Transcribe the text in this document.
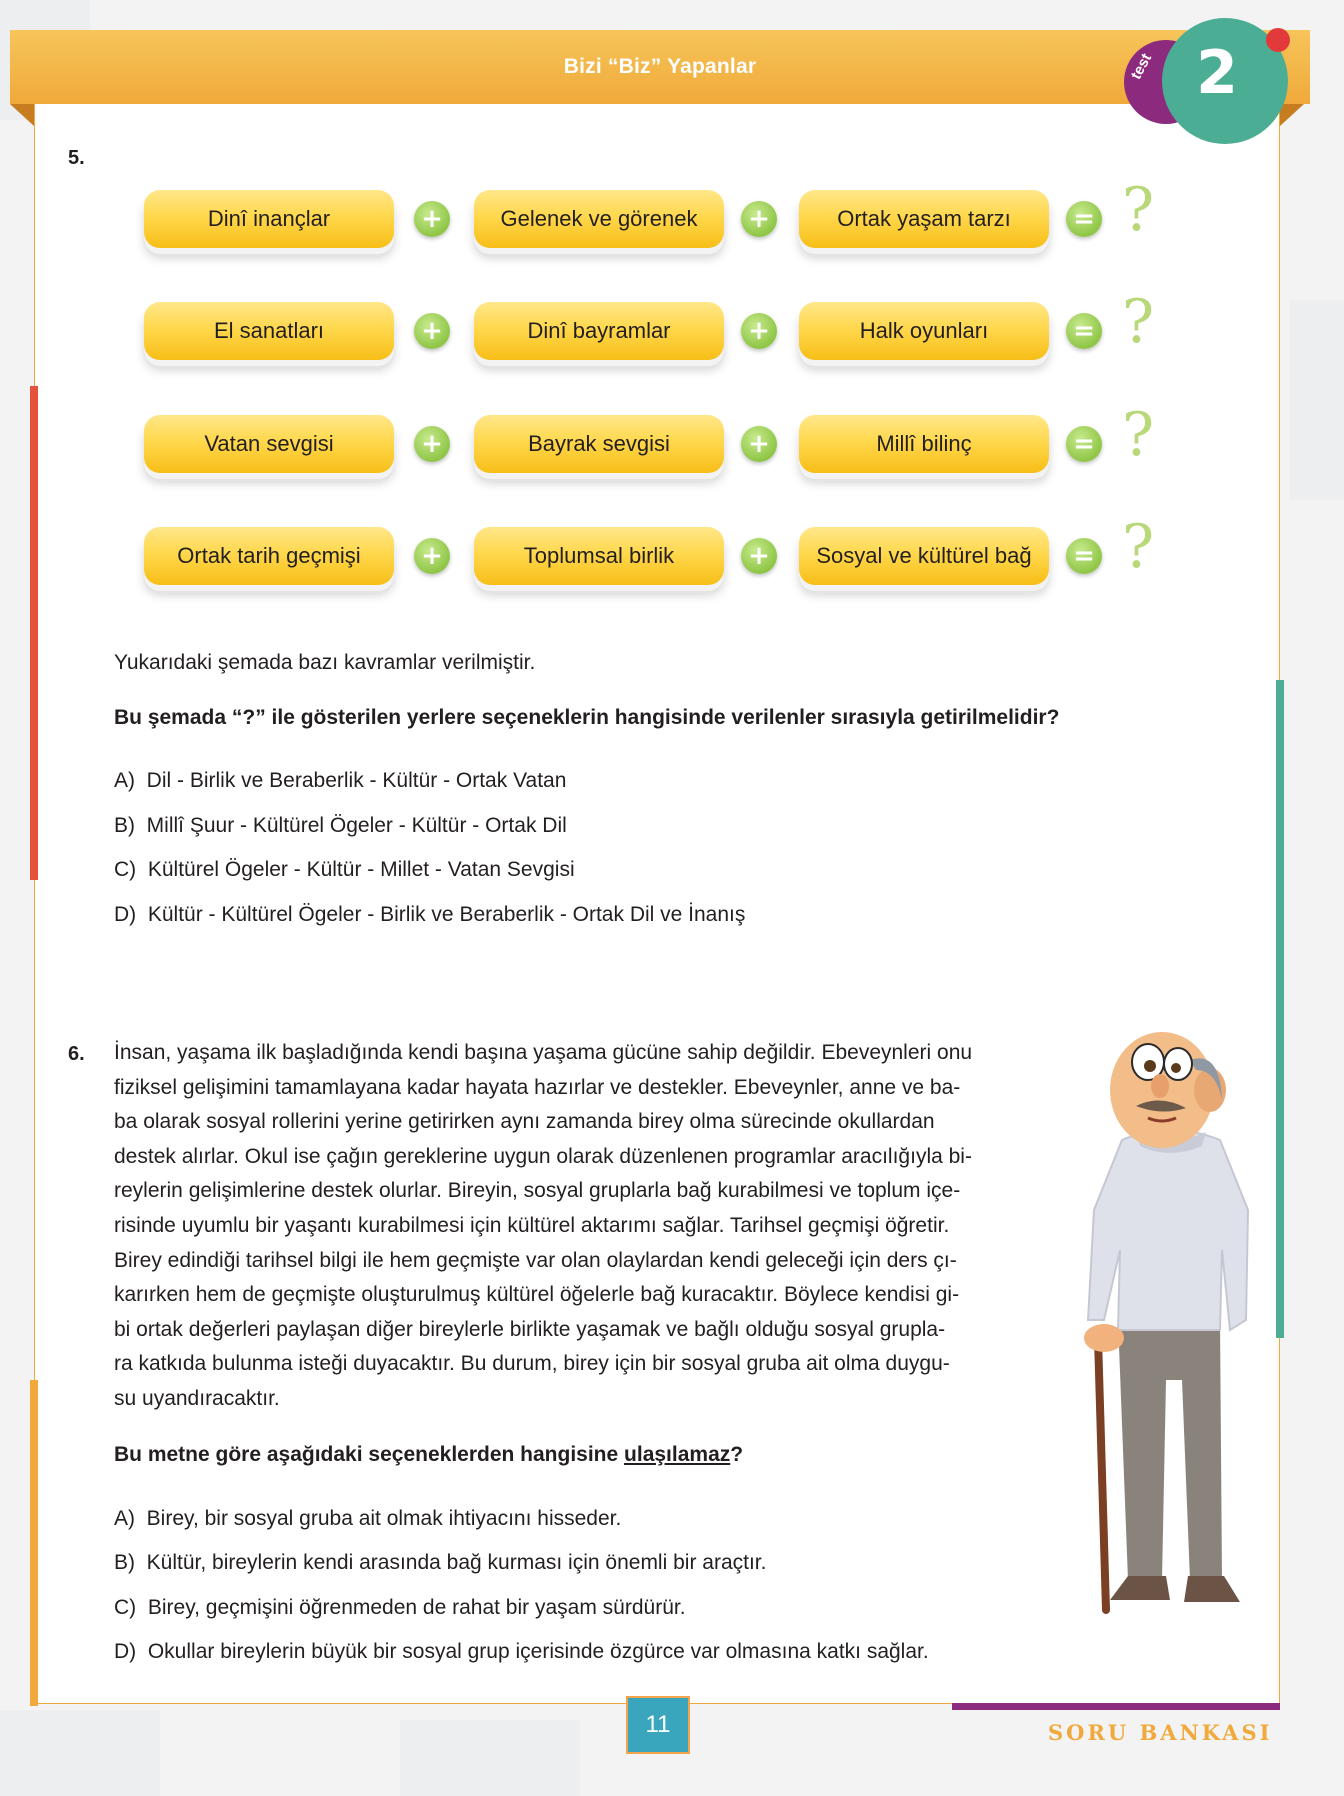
Bizi “Biz” Yapanlar	test 2
5.
Dinî inançlar	+	Gelenek ve görenek	+	Ortak yaşam tarzı	= ?
El sanatları	+	Dinî bayramlar	+	Halk oyunları	= ?
Vatan sevgisi	+	Bayrak sevgisi	+	Millî bilinç	= ?
Ortak tarih geçmişi	+	Toplumsal birlik	+	Sosyal ve kültürel bağ	= ?
Yukarıdaki şemada bazı kavramlar verilmiştir.
Bu şemada “?” ile gösterilen yerlere seçeneklerin hangisinde verilenler sırasıyla getirilmelidir?
A) Dil - Birlik ve Beraberlik - Kültür - Ortak Vatan
B) Millî Şuur - Kültürel Ögeler - Kültür - Ortak Dil
C) Kültürel Ögeler - Kültür - Millet - Vatan Sevgisi
D) Kültür - Kültürel Ögeler - Birlik ve Beraberlik - Ortak Dil ve İnanış
6. İnsan, yaşama ilk başladığında kendi başına yaşama gücüne sahip değildir. Ebeveynleri onu
fiziksel gelişimini tamamlayana kadar hayata hazırlar ve destekler. Ebeveynler, anne ve ba-
ba olarak sosyal rollerini yerine getirirken aynı zamanda birey olma sürecinde okullardan
destek alırlar. Okul ise çağın gereklerine uygun olarak düzenlenen programlar aracılığıyla bi-
reylerin gelişimlerine destek olurlar. Bireyin, sosyal gruplarla bağ kurabilmesi ve toplum içe-
risinde uyumlu bir yaşantı kurabilmesi için kültürel aktarımı sağlar. Tarihsel geçmişi öğretir.
Birey edindiği tarihsel bilgi ile hem geçmişte var olan olaylardan kendi geleceği için ders çı-
karırken hem de geçmişte oluşturulmuş kültürel öğelerle bağ kuracaktır. Böylece kendisi gi-
bi ortak değerleri paylaşan diğer bireylerle birlikte yaşamak ve bağlı olduğu sosyal grupla-
ra katkıda bulunma isteği duyacaktır. Bu durum, birey için bir sosyal gruba ait olma duygu-
su uyandıracaktır.
Bu metne göre aşağıdaki seçeneklerden hangisine ulaşılamaz?
A) Birey, bir sosyal gruba ait olmak ihtiyacını hisseder.
B) Kültür, bireylerin kendi arasında bağ kurması için önemli bir araçtır.
C) Birey, geçmişini öğrenmeden de rahat bir yaşam sürdürür.
D) Okullar bireylerin büyük bir sosyal grup içerisinde özgürce var olmasına katkı sağlar.
11	SORU BANKASI
